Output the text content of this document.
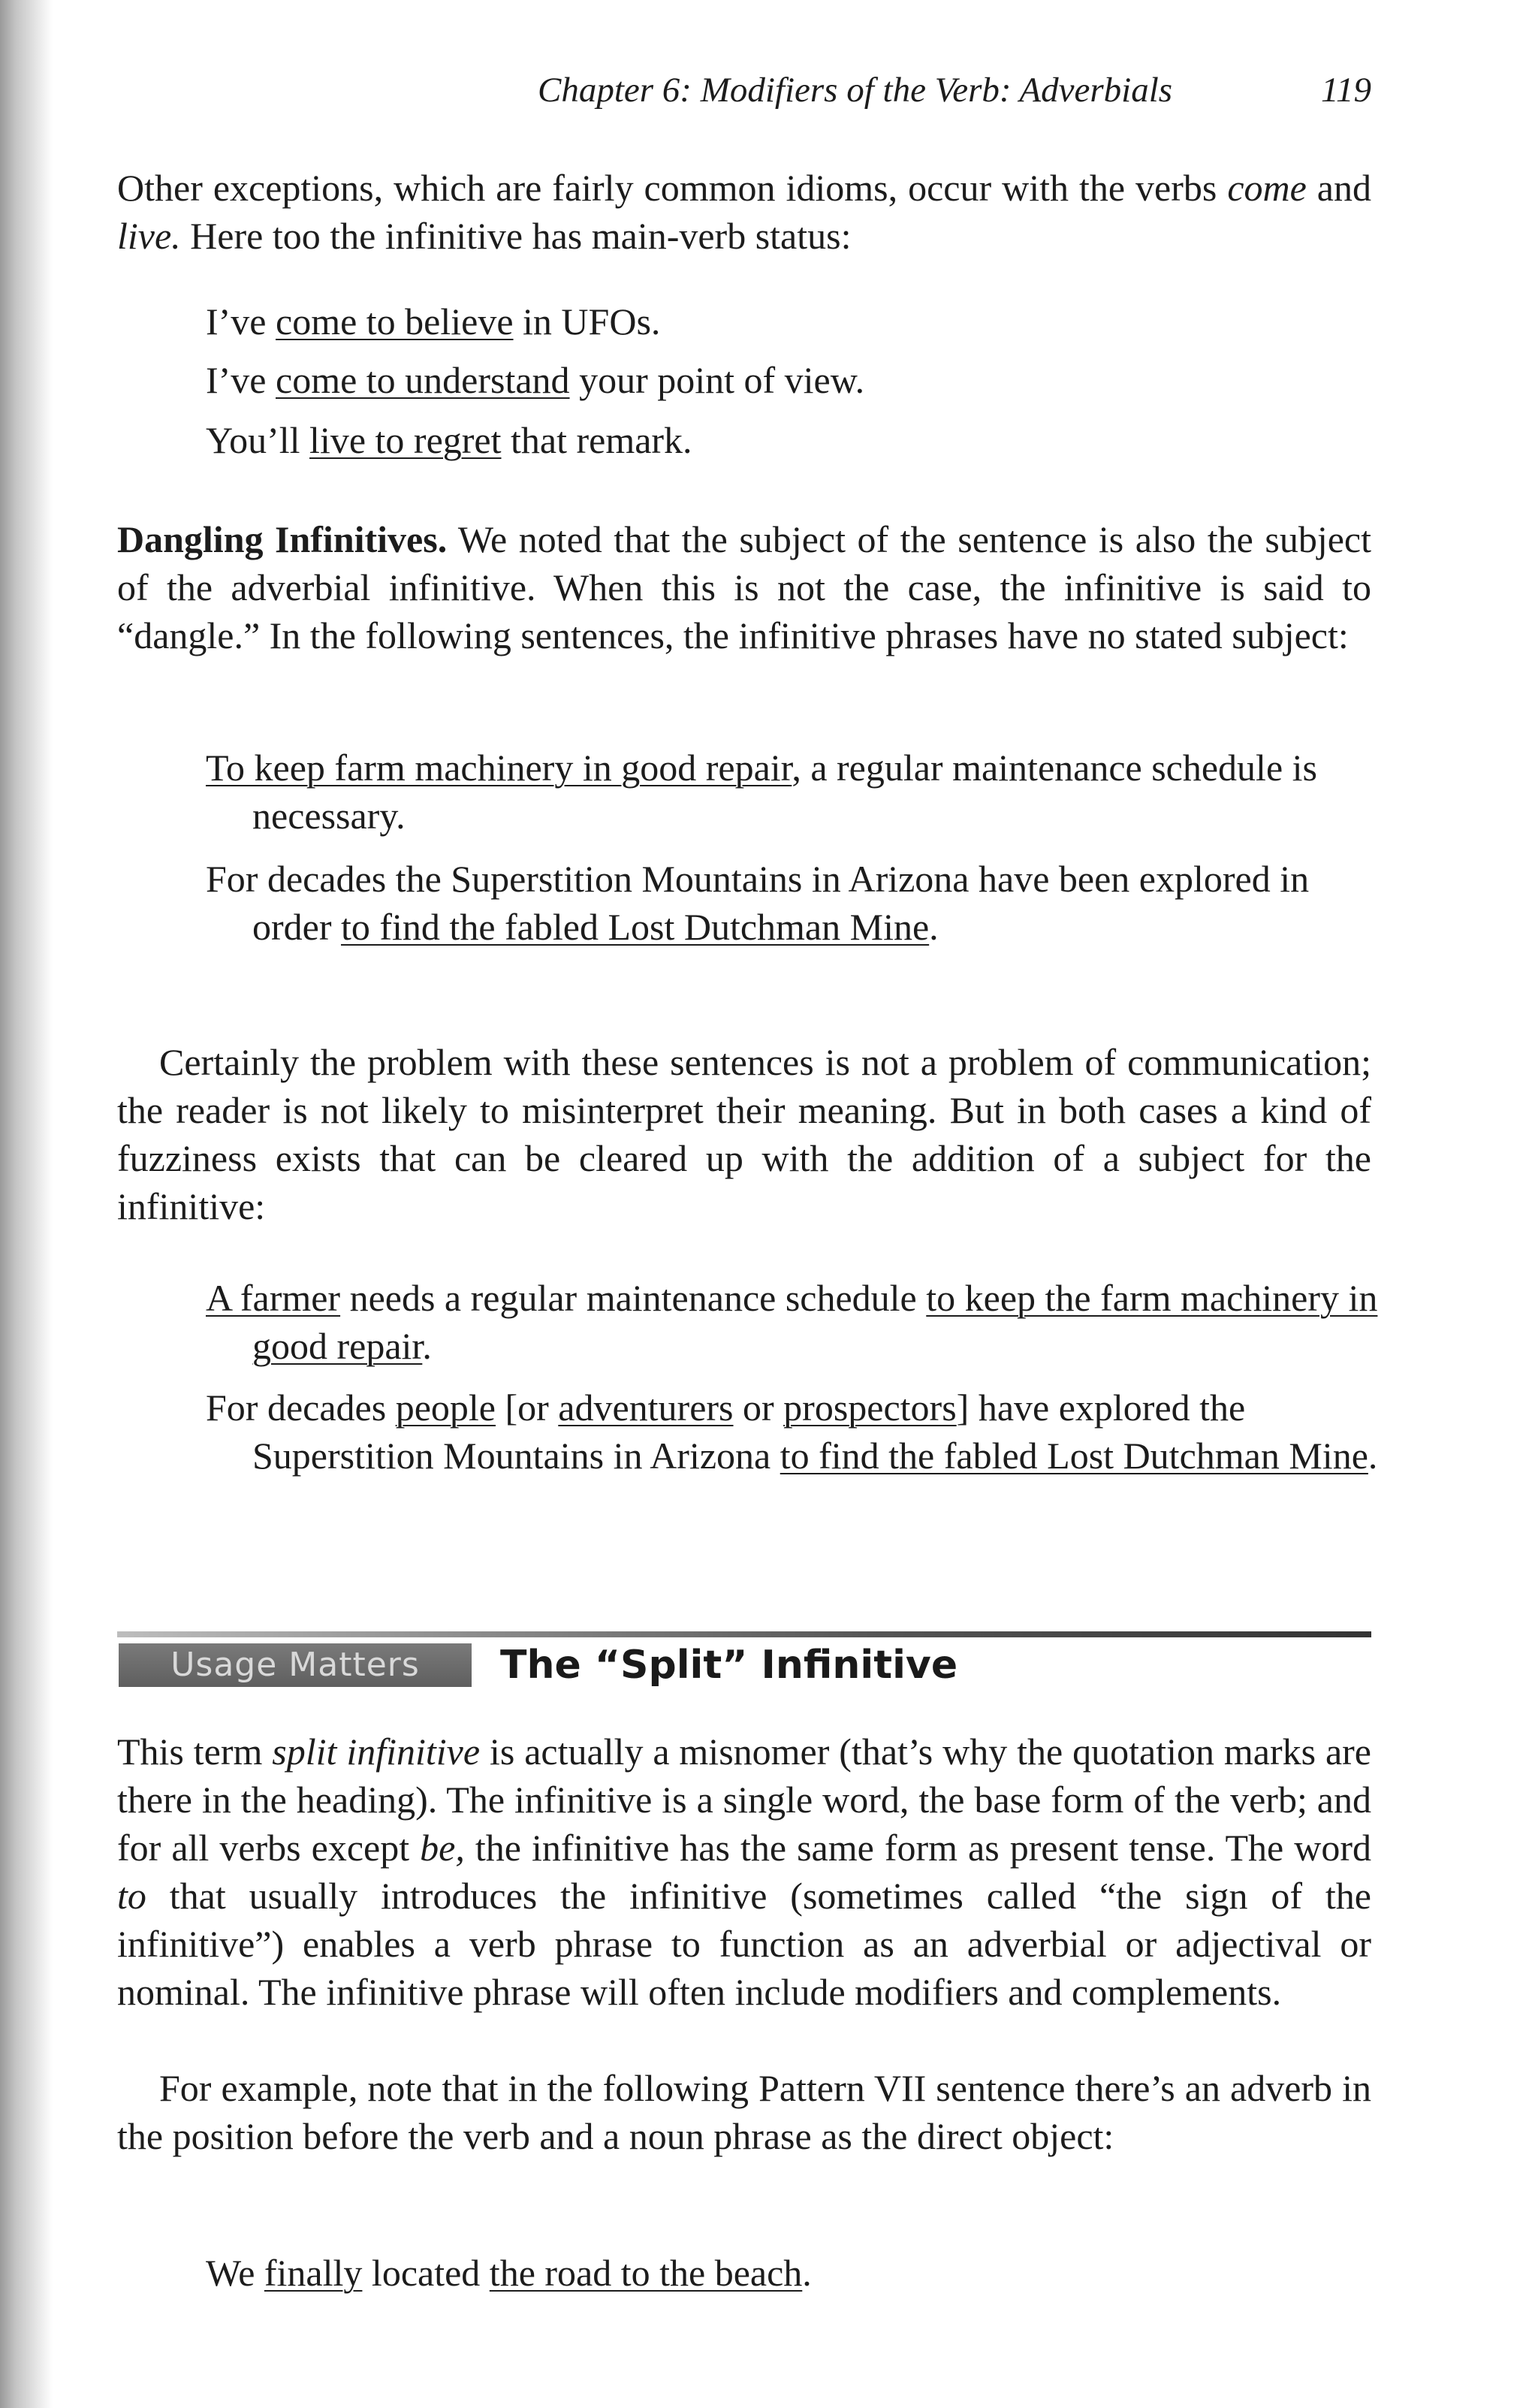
Chapter 6: Modifiers of the Verb: Adverbials	119

Other exceptions, which are fairly common idioms, occur with the verbs come and live. Here too the infinitive has main-verb status:

I’ve come to believe in UFOs.

I’ve come to understand your point of view.

You’ll live to regret that remark.

Dangling Infinitives. We noted that the subject of the sentence is also the subject of the adverbial infinitive. When this is not the case, the infinitive is said to “dangle.” In the following sentences, the infinitive phrases have no stated subject:

To keep farm machinery in good repair, a regular maintenance schedule is necessary.

For decades the Superstition Mountains in Arizona have been explored in order to find the fabled Lost Dutchman Mine.

Certainly the problem with these sentences is not a problem of communication; the reader is not likely to misinterpret their meaning. But in both cases a kind of fuzziness exists that can be cleared up with the addition of a subject for the infinitive:

A farmer needs a regular maintenance schedule to keep the farm machinery in good repair.

For decades people [or adventurers or prospectors] have explored the Superstition Mountains in Arizona to find the fabled Lost Dutchman Mine.

Usage Matters	The “Split” Infinitive

This term split infinitive is actually a misnomer (that’s why the quotation marks are there in the heading). The infinitive is a single word, the base form of the verb; and for all verbs except be, the infinitive has the same form as present tense. The word to that usually introduces the infinitive (sometimes called “the sign of the infinitive”) enables a verb phrase to function as an adverbial or adjectival or nominal. The infinitive phrase will often include modifiers and complements.

For example, note that in the following Pattern VII sentence there’s an adverb in the position before the verb and a noun phrase as the direct object:

We finally located the road to the beach.
